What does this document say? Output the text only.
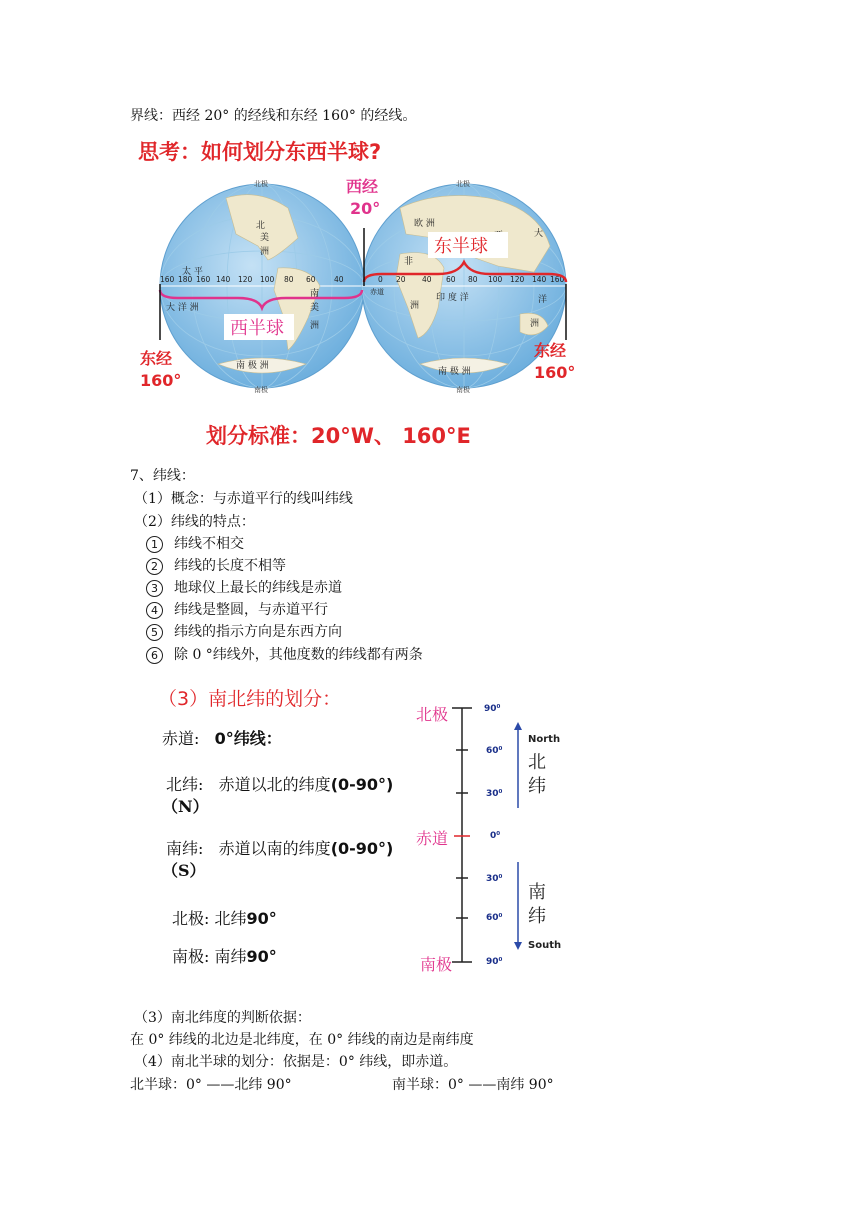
界线：西经 20° 的经线和东经 160° 的经线。
思考：如何划分东西半球?
北
美
洲
南
美
洲
南 极 洲
太 平
大 洋 洲
欧 洲
非
洲
印 度 洋
大
洋
洲
南 极 洲
赤道
北极	北极
南极	南极
160 180 160 140 120 100 80 60 40	0 20 40 60 80 100 120 140 160
西半球
东半球
西经
20°
东经
160°
东经
160°
划分标准：20°W、 160°E
7、纬线：
（1）概念：与赤道平行的线叫纬线
（2）纬线的特点：
1	纬线不相交
2	纬线的长度不相等
3	地球仪上最长的纬线是赤道
4	纬线是整圆，与赤道平行
5	纬线的指示方向是东西方向
6	除 0 °纬线外，其他度数的纬线都有两条
（3）南北纬的划分：
赤道: 0°纬线：
北纬: 赤道以北的纬度(0-90°)
（N）
南纬: 赤道以南的纬度(0-90°)
（S）
北极: 北纬90°
南极: 南纬90°
90⁰
60⁰
30⁰
0⁰
30⁰
60⁰
90⁰
北极
赤道
南极
North
北
纬
南
纬
South
（3）南北纬度的判断依据：
在 0° 纬线的北边是北纬度，在 0° 纬线的南边是南纬度
（4）南北半球的划分：依据是：0° 纬线，即赤道。
北半球：0° ——北纬 90°	南半球：0° ——南纬 90°
